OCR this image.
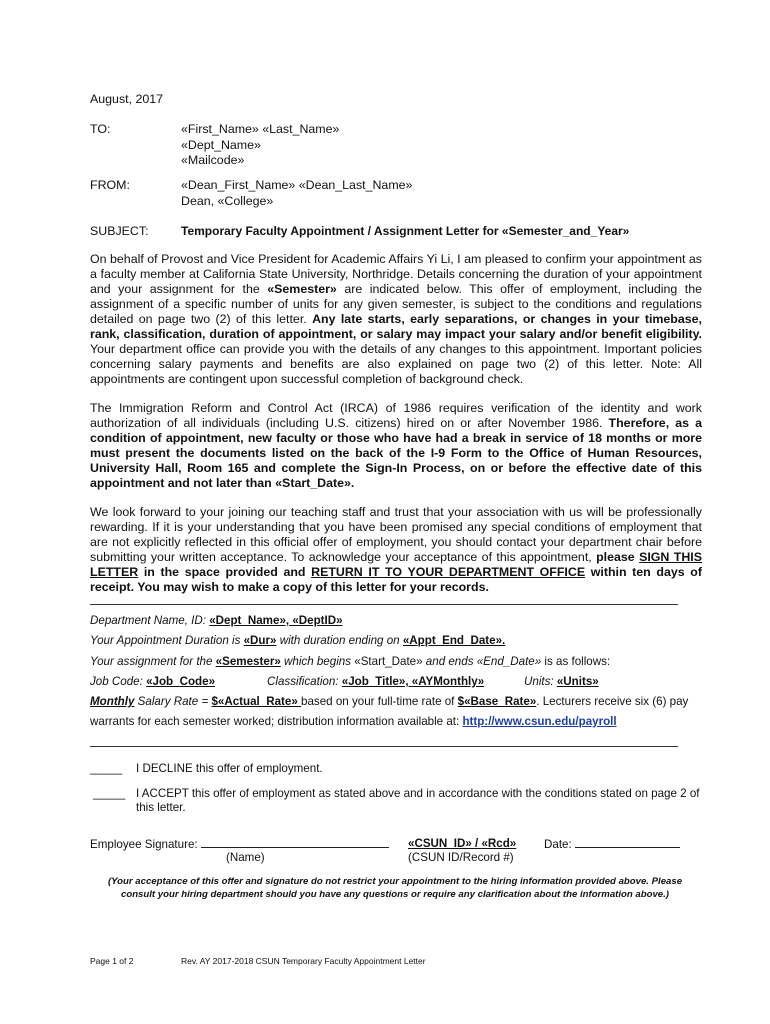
August, 2017
TO:	«First_Name» «Last_Name»
«Dept_Name»
«Mailcode»
FROM:	«Dean_First_Name» «Dean_Last_Name»
Dean, «College»
SUBJECT:	Temporary Faculty Appointment / Assignment Letter for «Semester_and_Year»
On behalf of Provost and Vice President for Academic Affairs Yi Li, I am pleased to confirm your appointment as a faculty member at California State University, Northridge. Details concerning the duration of your appointment and your assignment for the «Semester» are indicated below. This offer of employment, including the assignment of a specific number of units for any given semester, is subject to the conditions and regulations detailed on page two (2) of this letter. Any late starts, early separations, or changes in your timebase, rank, classification, duration of appointment, or salary may impact your salary and/or benefit eligibility. Your department office can provide you with the details of any changes to this appointment. Important policies concerning salary payments and benefits are also explained on page two (2) of this letter. Note: All appointments are contingent upon successful completion of background check.
The Immigration Reform and Control Act (IRCA) of 1986 requires verification of the identity and work authorization of all individuals (including U.S. citizens) hired on or after November 1986. Therefore, as a condition of appointment, new faculty or those who have had a break in service of 18 months or more must present the documents listed on the back of the I-9 Form to the Office of Human Resources, University Hall, Room 165 and complete the Sign-In Process, on or before the effective date of this appointment and not later than «Start_Date».
We look forward to your joining our teaching staff and trust that your association with us will be professionally rewarding. If it is your understanding that you have been promised any special conditions of employment that are not explicitly reflected in this official offer of employment, you should contact your department chair before submitting your written acceptance. To acknowledge your acceptance of this appointment, please SIGN THIS LETTER in the space provided and RETURN IT TO YOUR DEPARTMENT OFFICE within ten days of receipt. You may wish to make a copy of this letter for your records.
Department Name, ID: «Dept_Name», «DeptID»
Your Appointment Duration is «Dur» with duration ending on «Appt_End_Date».
Your assignment for the «Semester» which begins «Start_Date» and ends «End_Date» is as follows:
Job Code: «Job_Code»	Classification: «Job_Title», «AYMonthly»	Units: «Units»
Monthly Salary Rate = $«Actual_Rate» based on your full-time rate of $«Base_Rate». Lecturers receive six (6) pay
warrants for each semester worked; distribution information available at: http://www.csun.edu/payroll
_____ I DECLINE this offer of employment.
_____ I ACCEPT this offer of employment as stated above and in accordance with the conditions stated on page 2 of
this letter.
Employee Signature:
(Name)
«CSUN_ID» / «Rcd»
(CSUN ID/Record #)
Date:
(Your acceptance of this offer and signature do not restrict your appointment to the hiring information provided above. Please
consult your hiring department should you have any questions or require any clarification about the information above.)
Page 1 of 2	Rev. AY 2017-2018 CSUN Temporary Faculty Appointment Letter
